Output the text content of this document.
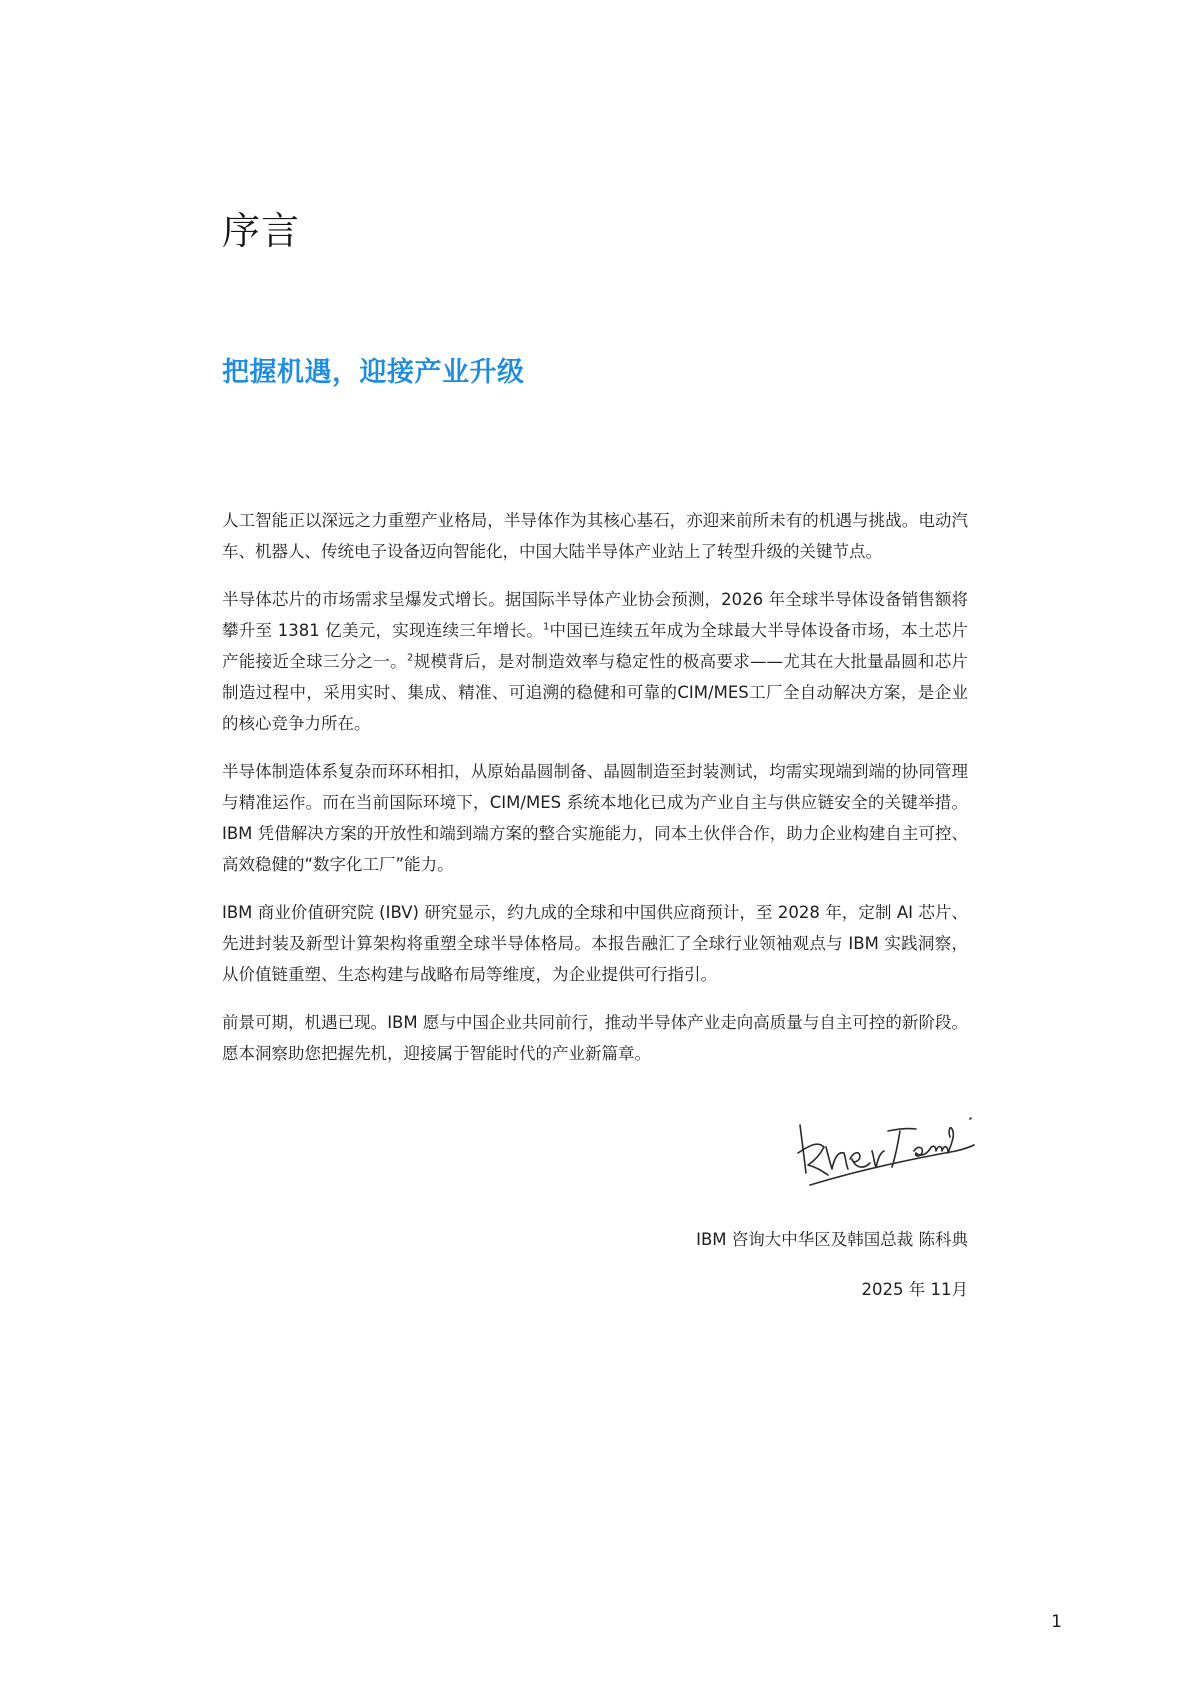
序言
把握机遇，迎接产业升级

人工智能正以深远之力重塑产业格局，半导体作为其核心基石，亦迎来前所未有的机遇与挑战。电动汽车、机器人、传统电子设备迈向智能化，中国大陆半导体产业站上了转型升级的关键节点。

半导体芯片的市场需求呈爆发式增长。据国际半导体产业协会预测，2026 年全球半导体设备销售额将攀升至 1381 亿美元，实现连续三年增长。$^1$中国已连续五年成为全球最大半导体设备市场，本土芯片产能接近全球三分之一。$^2$规模背后，是对制造效率与稳定性的极高要求——尤其在大批量晶圆和芯片制造过程中，采用实时、集成、精准、可追溯的稳健和可靠的CIM/MES工厂全自动解决方案，是企业的核心竞争力所在。

半导体制造体系复杂而环环相扣，从原始晶圆制备、晶圆制造至封装测试，均需实现端到端的协同管理与精准运作。而在当前国际环境下，CIM/MES 系统本地化已成为产业自主与供应链安全的关键举措。IBM 凭借解决方案的开放性和端到端方案的整合实施能力，同本土伙伴合作，助力企业构建自主可控、高效稳健的“数字化工厂”能力。

IBM 商业价值研究院 (IBV) 研究显示，约九成的全球和中国供应商预计，至 2028 年，定制 AI 芯片、先进封装及新型计算架构将重塑全球半导体格局。本报告融汇了全球行业领袖观点与 IBM 实践洞察，从价值链重塑、生态构建与战略布局等维度，为企业提供可行指引。

前景可期，机遇已现。IBM 愿与中国企业共同前行，推动半导体产业走向高质量与自主可控的新阶段。愿本洞察助您把握先机，迎接属于智能时代的产业新篇章。

IBM 咨询大中华区及韩国总裁 陈科典

2025 年 11月

1
